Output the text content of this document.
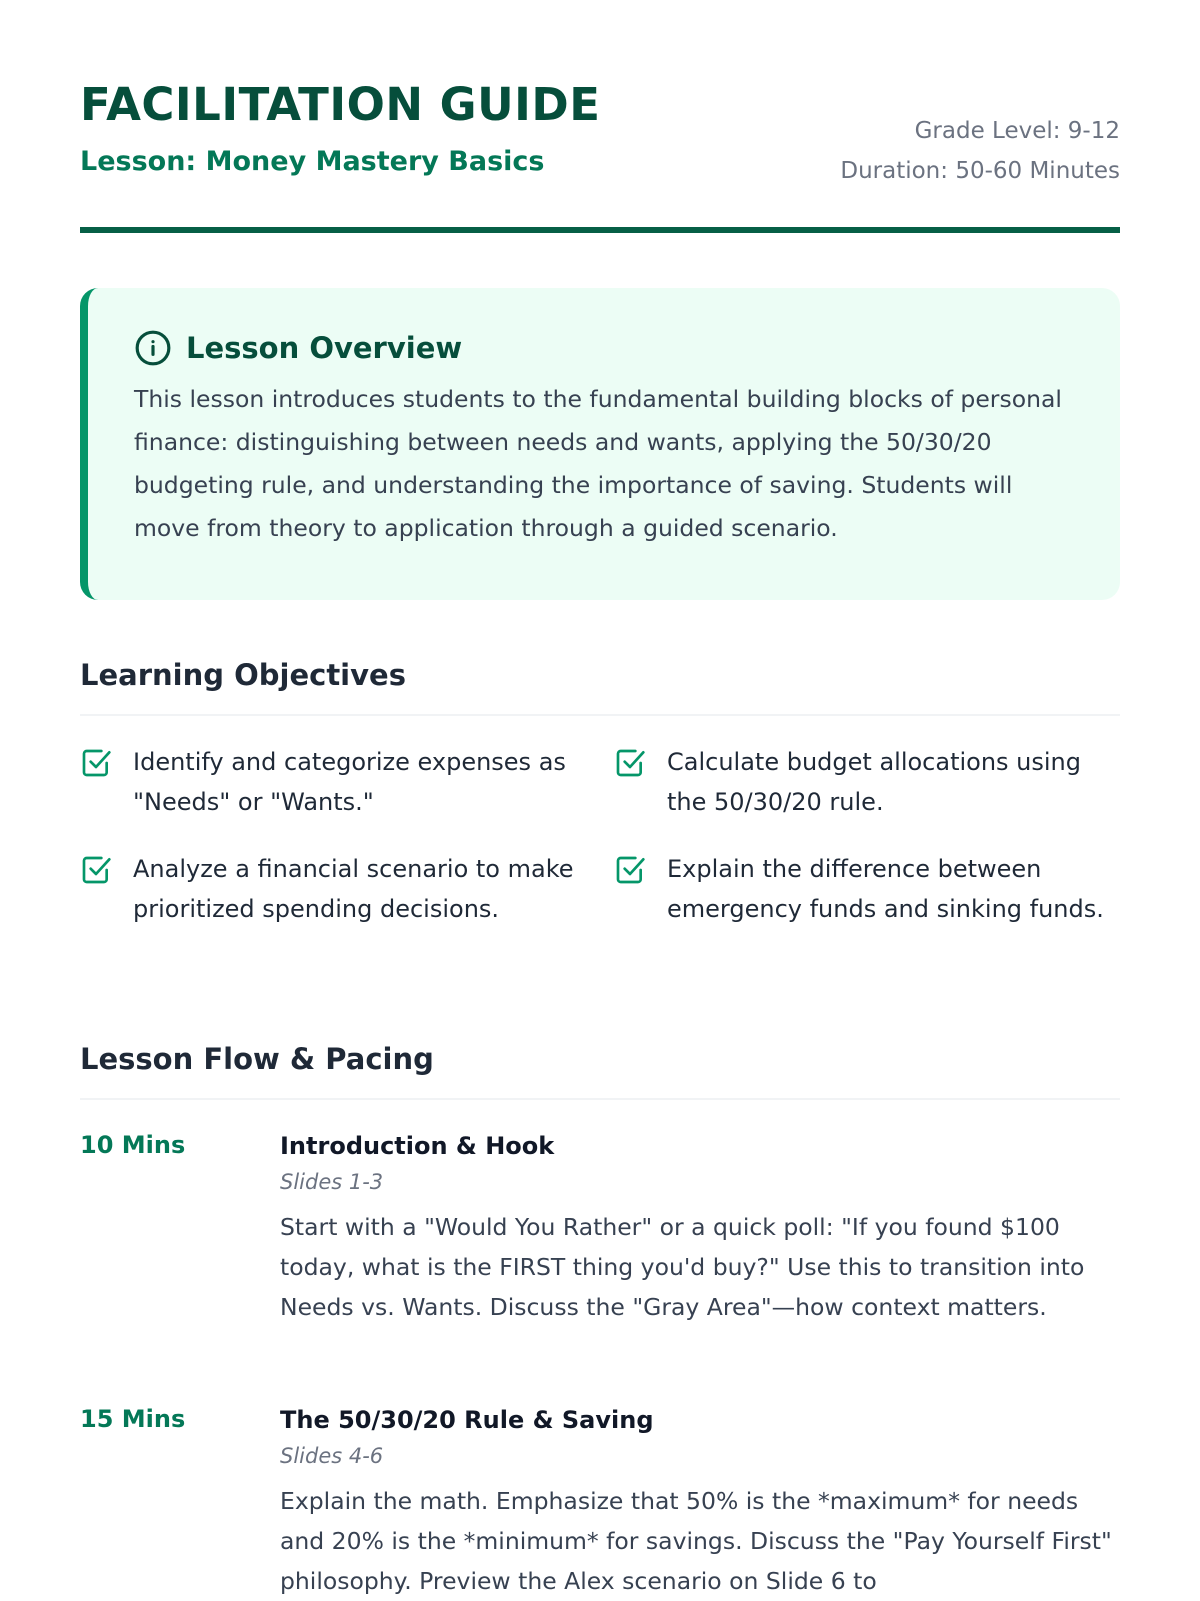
FACILITATION GUIDE
Lesson: Money Mastery Basics
Grade Level: 9-12
Duration: 50-60 Minutes
Lesson Overview

This lesson introduces students to the fundamental building blocks of personal finance: distinguishing between needs and wants, applying the 50/30/20 budgeting rule, and understanding the importance of saving. Students will move from theory to application through a guided scenario.

Learning Objectives
Identify and categorize expenses as "Needs" or "Wants."
Calculate budget allocations using the 50/30/20 rule.
Analyze a financial scenario to make prioritized spending decisions.
Explain the difference between emergency funds and sinking funds.
Lesson Flow & Pacing
10 Mins	Introduction & Hook
Slides 1-3

Start with a "Would You Rather" or a quick poll: "If you found $100 today, what is the FIRST thing you'd buy?" Use this to transition into Needs vs. Wants. Discuss the "Gray Area"—how context matters.

15 Mins	The 50/30/20 Rule & Saving
Slides 4-6

Explain the math. Emphasize that 50% is the *maximum* for needs and 20% is the *minimum* for savings. Discuss the "Pay Yourself First" philosophy. Preview the Alex scenario on Slide 6 to
